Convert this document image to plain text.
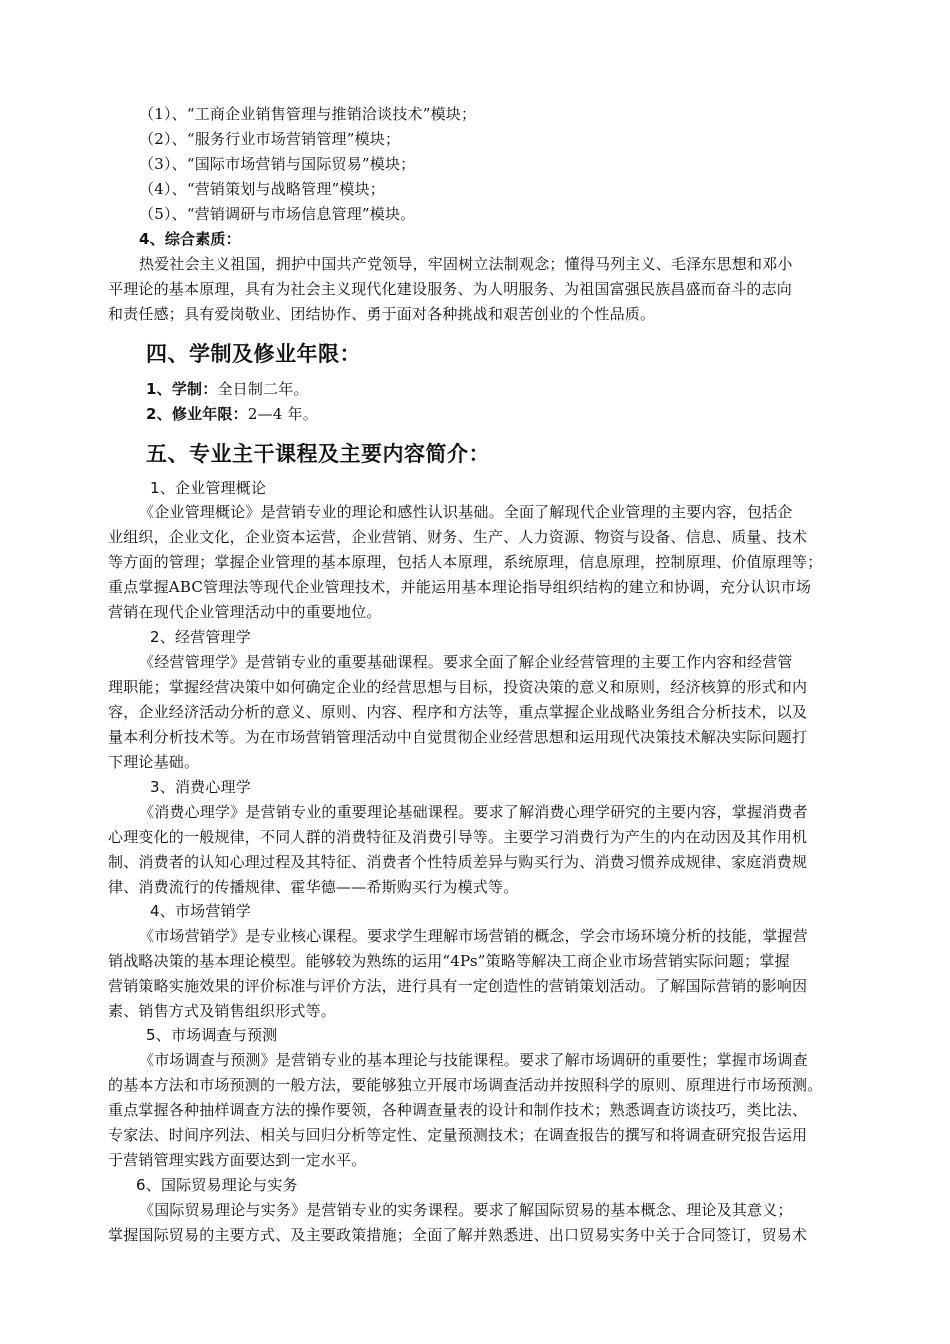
（1）、“工商企业销售管理与推销洽谈技术”模块；
（2）、“服务行业市场营销管理”模块；
（3）、“国际市场营销与国际贸易”模块；
（4）、“营销策划与战略管理”模块；
（5）、“营销调研与市场信息管理”模块。
4、综合素质：
热爱社会主义祖国，拥护中国共产党领导，牢固树立法制观念；懂得马列主义、毛泽东思想和邓小
平理论的基本原理，具有为社会主义现代化建设服务、为人明服务、为祖国富强民族昌盛而奋斗的志向
和责任感；具有爱岗敬业、团结协作、勇于面对各种挑战和艰苦创业的个性品质。
四、学制及修业年限：
1、学制：全日制二年。
2、修业年限：2—4 年。
五、专业主干课程及主要内容简介：
1、企业管理概论
《企业管理概论》是营销专业的理论和感性认识基础。全面了解现代企业管理的主要内容，包括企
业组织，企业文化，企业资本运营，企业营销、财务、生产、人力资源、物资与设备、信息、质量、技术
等方面的管理；掌握企业管理的基本原理，包括人本原理，系统原理，信息原理，控制原理、价值原理等；
重点掌握ABC管理法等现代企业管理技术，并能运用基本理论指导组织结构的建立和协调，充分认识市场
营销在现代企业管理活动中的重要地位。
2、经营管理学
《经营管理学》是营销专业的重要基础课程。要求全面了解企业经营管理的主要工作内容和经营管
理职能；掌握经营决策中如何确定企业的经营思想与目标，投资决策的意义和原则，经济核算的形式和内
容，企业经济活动分析的意义、原则、内容、程序和方法等，重点掌握企业战略业务组合分析技术，以及
量本利分析技术等。为在市场营销管理活动中自觉贯彻企业经营思想和运用现代决策技术解决实际问题打
下理论基础。
3、消费心理学
《消费心理学》是营销专业的重要理论基础课程。要求了解消费心理学研究的主要内容，掌握消费者
心理变化的一般规律，不同人群的消费特征及消费引导等。主要学习消费行为产生的内在动因及其作用机
制、消费者的认知心理过程及其特征、消费者个性特质差异与购买行为、消费习惯养成规律、家庭消费规
律、消费流行的传播规律、霍华德——希斯购买行为模式等。
4、市场营销学
《市场营销学》是专业核心课程。要求学生理解市场营销的概念，学会市场环境分析的技能，掌握营
销战略决策的基本理论模型。能够较为熟练的运用“4Ps”策略等解决工商企业市场营销实际问题；掌握
营销策略实施效果的评价标准与评价方法，进行具有一定创造性的营销策划活动。了解国际营销的影响因
素、销售方式及销售组织形式等。
5、市场调查与预测
《市场调查与预测》是营销专业的基本理论与技能课程。要求了解市场调研的重要性；掌握市场调查
的基本方法和市场预测的一般方法，要能够独立开展市场调查活动并按照科学的原则、原理进行市场预测。
重点掌握各种抽样调查方法的操作要领，各种调查量表的设计和制作技术；熟悉调查访谈技巧，类比法、
专家法、时间序列法、相关与回归分析等定性、定量预测技术；在调查报告的撰写和将调查研究报告运用
于营销管理实践方面要达到一定水平。
6、国际贸易理论与实务
《国际贸易理论与实务》是营销专业的实务课程。要求了解国际贸易的基本概念、理论及其意义；
掌握国际贸易的主要方式、及主要政策措施；全面了解并熟悉进、出口贸易实务中关于合同签订，贸易术
